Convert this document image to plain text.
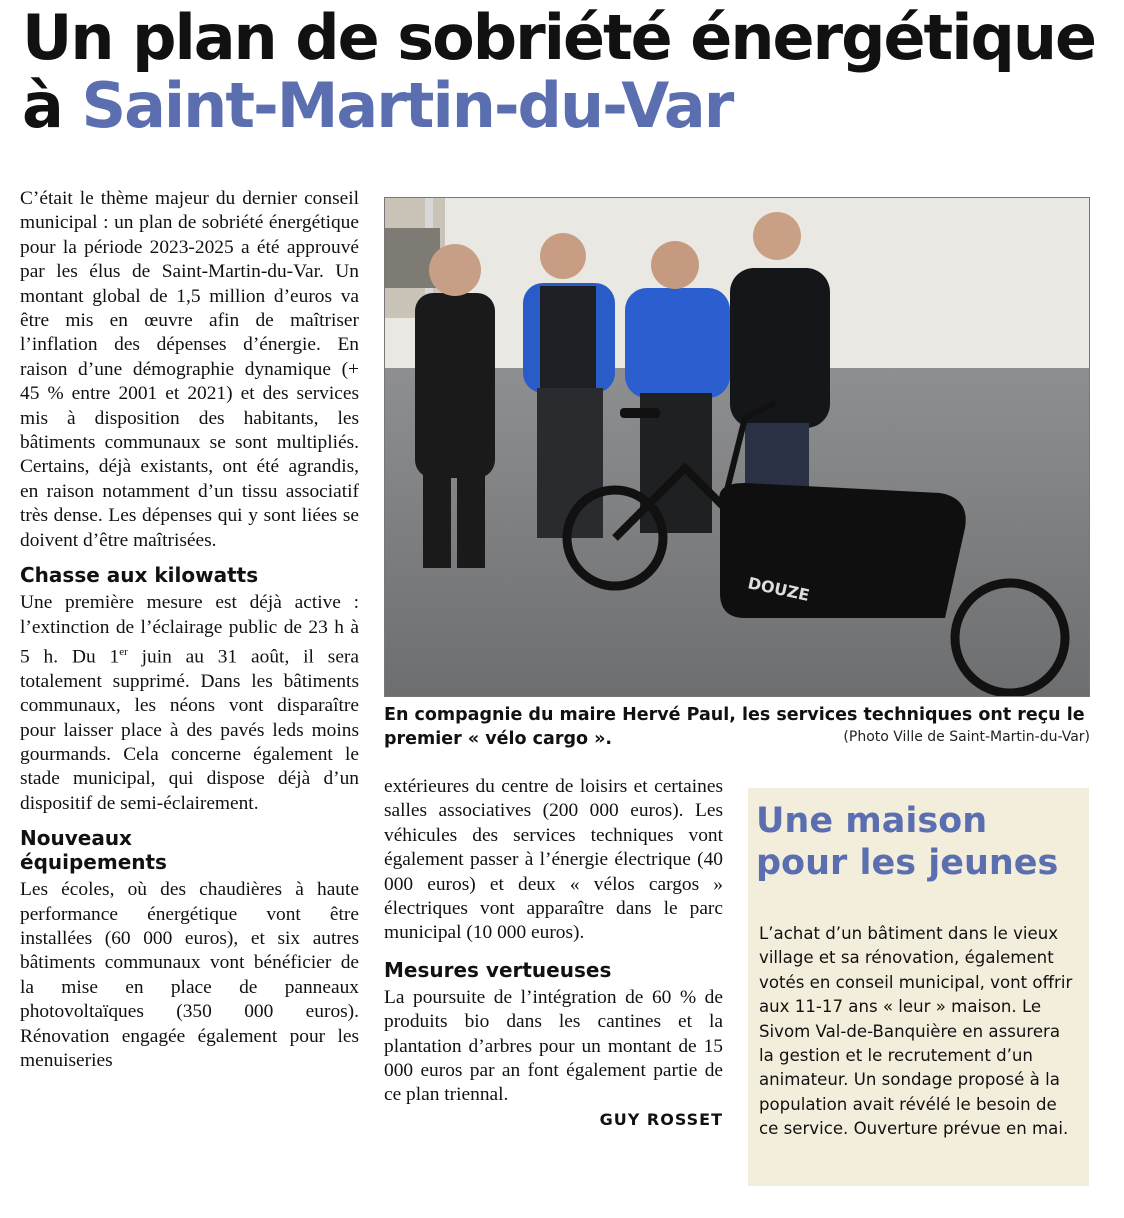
Un plan de sobriété énergétique
à Saint-Martin-du-Var

C’était le thème majeur du dernier conseil municipal : un plan de sobriété énergétique pour la période 2023-2025 a été approuvé par les élus de Saint-Martin-du-Var. Un montant global de 1,5 million d’euros va être mis en œuvre afin de maîtriser l’inflation des dépenses d’énergie. En raison d’une démographie dynamique (+ 45 % entre 2001 et 2021) et des services mis à disposition des habitants, les bâtiments communaux se sont multipliés. Certains, déjà existants, ont été agrandis, en raison notamment d’un tissu associatif très dense. Les dépenses qui y sont liées se doivent d’être maîtrisées.

Chasse aux kilowatts

Une première mesure est déjà active : l’extinction de l’éclairage public de 23 h à 5 h. Du 1er juin au 31 août, il sera totalement supprimé. Dans les bâtiments communaux, les néons vont disparaître pour laisser place à des pavés leds moins gourmands. Cela concerne également le stade municipal, qui dispose déjà d’un dispositif de semi-éclairement.

Nouveaux équipements

Les écoles, où des chaudières à haute performance énergétique vont être installées (60 000 euros), et six autres bâtiments communaux vont bénéficier de la mise en place de panneaux photovoltaïques (350 000 euros). Rénovation engagée également pour les menuiseries

DOUZE
En compagnie du maire Hervé Paul, les services techniques ont reçu le premier « vélo cargo ».	(Photo Ville de Saint-Martin-du-Var)

extérieures du centre de loisirs et certaines salles associatives (200 000 euros). Les véhicules des services techniques vont également passer à l’énergie électrique (40 000 euros) et deux « vélos cargos » électriques vont apparaître dans le parc municipal (10 000 euros).

Mesures vertueuses

La poursuite de l’intégration de 60 % de produits bio dans les cantines et la plantation d’arbres pour un montant de 15 000 euros par an font également partie de ce plan triennal.

GUY ROSSET
Une maison pour les jeunes

L’achat d’un bâtiment dans le vieux village et sa rénovation, également votés en conseil municipal, vont offrir aux 11-17 ans « leur » maison. Le Sivom Val-de-Banquière en assurera la gestion et le recrutement d’un animateur. Un sondage proposé à la population avait révélé le besoin de ce service. Ouverture prévue en mai.
